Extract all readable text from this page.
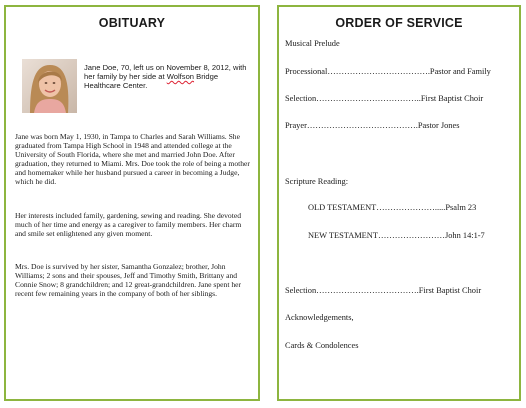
OBITUARY
Jane Doe, 70, left us on November 8, 2012, with her family by her side at Wolfson Bridge Healthcare Center.
Jane was born May 1, 1930, in Tampa to Charles and Sarah Williams. She graduated from Tampa High School in 1948 and attended college at the University of South Florida, where she met and married John Doe. After graduation, they returned to Miami. Mrs. Doe took the role of being a mother and homemaker while her husband pursued a career in becoming a Judge, which he did.
Her interests included family, gardening, sewing and reading. She devoted much of her time and energy as a caregiver to family members. Her charm and smile set enlightened any given moment.
Mrs. Doe is survived by her sister, Samantha Gonzalez; brother, John Williams; 2 sons and their spouses, Jeff and Timothy Smith, Brittany and Connie Snow; 8 grandchildren; and 12 great-grandchildren. Jane spent her recent few remaining years in the company of both of her siblings.
ORDER OF SERVICE
Musical Prelude
Processional……………………………….Pastor and Family
Selection………………………………..First Baptist Choir
Prayer………………………………….Pastor Jones
Scripture Reading:
OLD TESTAMENT………………….....Psalm 23
NEW TESTAMENT……………………John 14:1-7
Selection……………………………….First Baptist Choir
Acknowledgements,
Cards & Condolences
